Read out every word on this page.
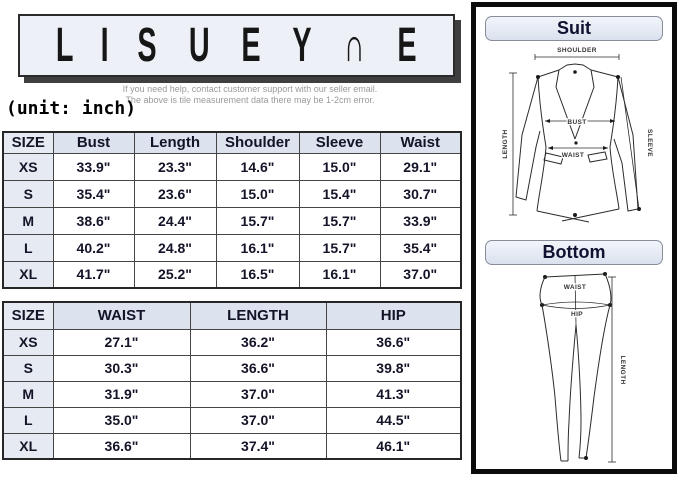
L I S U E Y ∩ E
If you need help, contact customer support with our seller email.
The above is tile measurement data there may be 1-2cm error.
(unit: inch)
SIZE	Bust	Length	Shoulder	Sleeve	Waist
XS	33.9"	23.3"	14.6"	15.0"	29.1"
S	35.4"	23.6"	15.0"	15.4"	30.7"
M	38.6"	24.4"	15.7"	15.7"	33.9"
L	40.2"	24.8"	16.1"	15.7"	35.4"
XL	41.7"	25.2"	16.5"	16.1"	37.0"
SIZE	WAIST	LENGTH	HIP
XS	27.1"	36.2"	36.6"
S	30.3"	36.6"	39.8"
M	31.9"	37.0"	41.3"
L	35.0"	37.0"	44.5"
XL	36.6"	37.4"	46.1"
Suit
SHOULDER
LENGTH	SLEEVE
BUST
WAIST
Bottom
WAIST
HIP
LENGTH
